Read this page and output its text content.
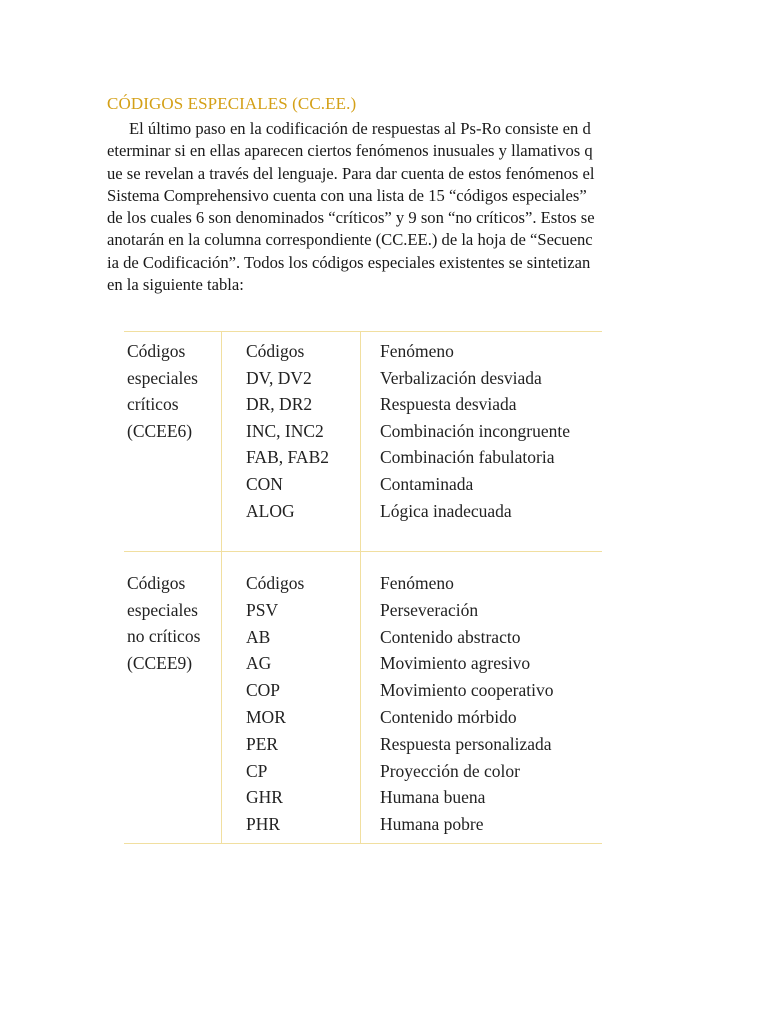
CÓDIGOS ESPECIALES (CC.EE.)
El último paso en la codificación de respuestas al Ps-Ro consiste en d
eterminar si en ellas aparecen ciertos fenómenos inusuales y llamativos q
ue se revelan a través del lenguaje. Para dar cuenta de estos fenómenos el
Sistema Comprehensivo cuenta con una lista de 15 “códigos especiales”
de los cuales 6 son denominados “críticos” y 9 son “no críticos”. Estos se
anotarán en la columna correspondiente (CC.EE.) de la hoja de “Secuenc
ia de Codificación”. Todos los códigos especiales existentes se sintetizan
en la siguiente tabla:
Códigos
especiales
críticos
(CCEE6)
Códigos	Fenómeno
DV, DV2	Verbalización desviada
DR, DR2	Respuesta desviada
INC, INC2	Combinación incongruente
FAB, FAB2	Combinación fabulatoria
CON	Contaminada
ALOG	Lógica inadecuada
Códigos
especiales
no críticos
(CCEE9)
Códigos	Fenómeno
PSV	Perseveración
AB	Contenido abstracto
AG	Movimiento agresivo
COP	Movimiento cooperativo
MOR	Contenido mórbido
PER	Respuesta personalizada
CP	Proyección de color
GHR	Humana buena
PHR	Humana pobre
